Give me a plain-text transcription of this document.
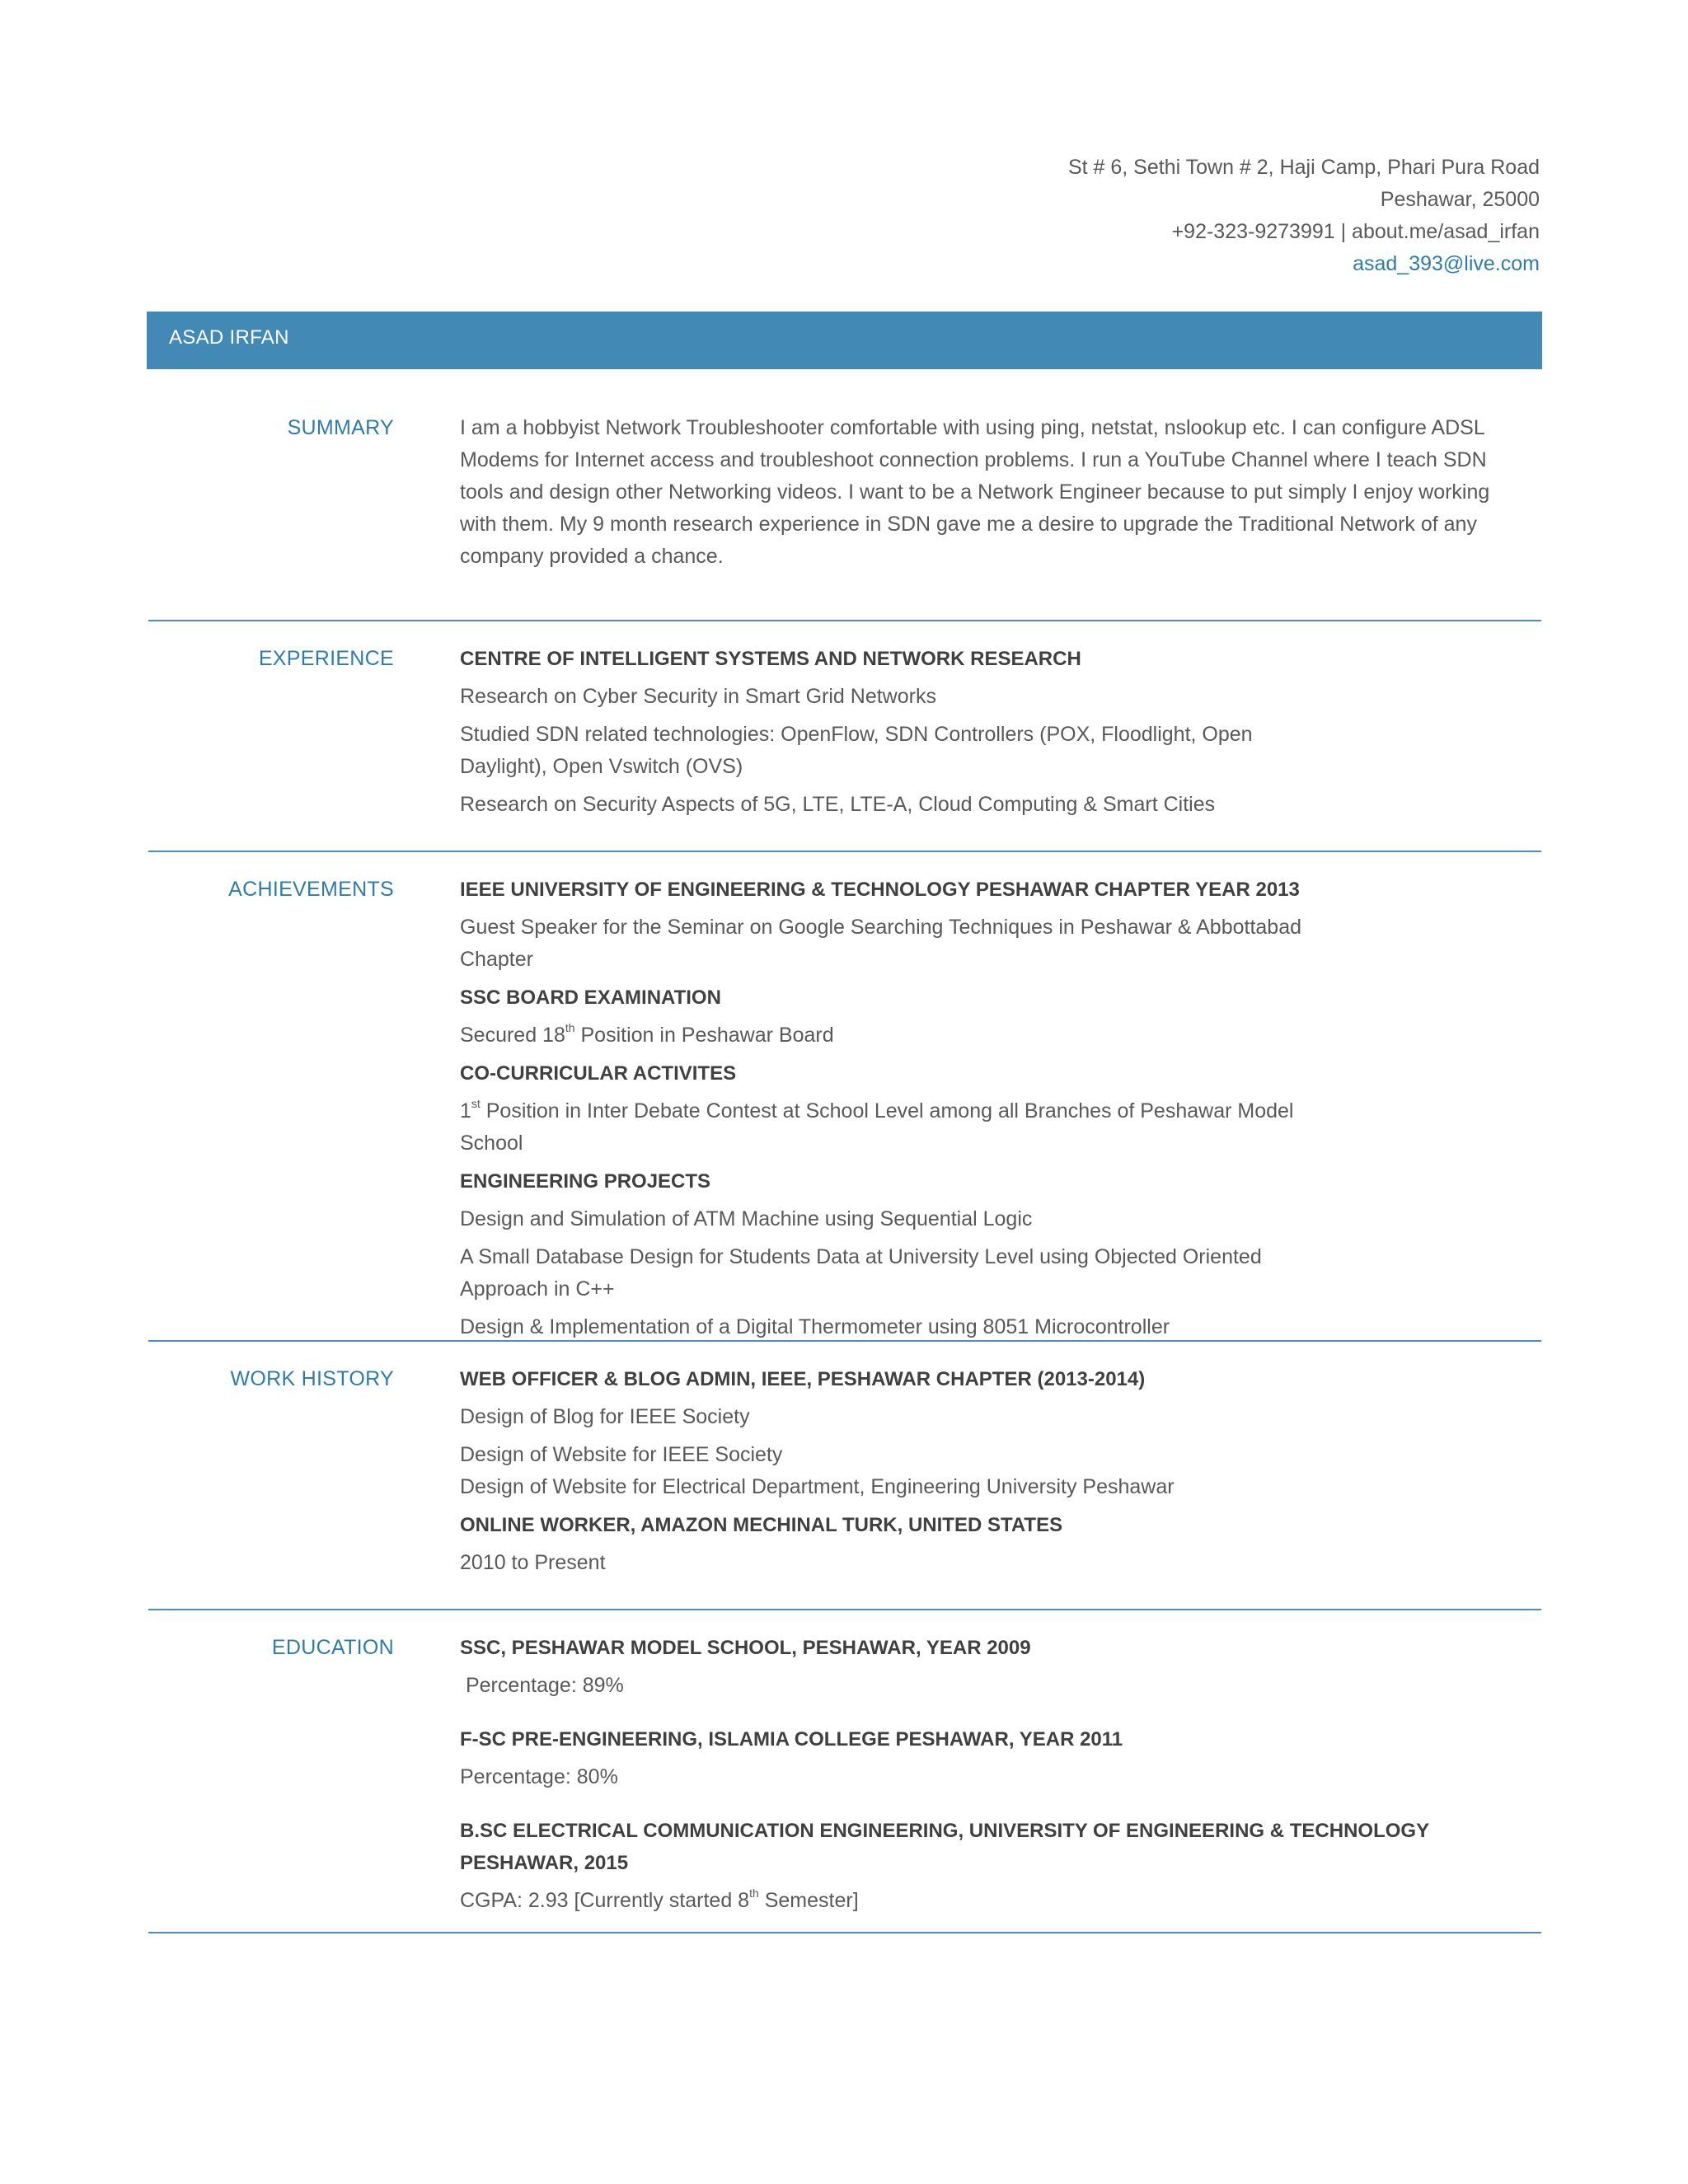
St # 6, Sethi Town # 2, Haji Camp, Phari Pura Road
Peshawar, 25000
+92-323-9273991 | about.me/asad_irfan
asad_393@live.com
ASAD IRFAN
SUMMARY	I am a hobbyist Network Troubleshooter comfortable with using ping, netstat, nslookup etc. I can configure ADSL Modems for Internet access and troubleshoot connection problems. I run a YouTube Channel where I teach SDN tools and design other Networking videos. I want to be a Network Engineer because to put simply I enjoy working with them. My 9 month research experience in SDN gave me a desire to upgrade the Traditional Network of any company provided a chance.

EXPERIENCE	CENTRE OF INTELLIGENT SYSTEMS AND NETWORK RESEARCH
Research on Cyber Security in Smart Grid Networks
Studied SDN related technologies: OpenFlow, SDN Controllers (POX, Floodlight, Open Daylight), Open Vswitch (OVS)
Research on Security Aspects of 5G, LTE, LTE-A, Cloud Computing & Smart Cities
ACHIEVEMENTS	IEEE UNIVERSITY OF ENGINEERING & TECHNOLOGY PESHAWAR CHAPTER YEAR 2013
Guest Speaker for the Seminar on Google Searching Techniques in Peshawar & Abbottabad Chapter
SSC BOARD EXAMINATION
Secured 18th Position in Peshawar Board
CO-CURRICULAR ACTIVITES
1st Position in Inter Debate Contest at School Level among all Branches of Peshawar Model School
ENGINEERING PROJECTS
Design and Simulation of ATM Machine using Sequential Logic
A Small Database Design for Students Data at University Level using Objected Oriented Approach in C++
Design & Implementation of a Digital Thermometer using 8051 Microcontroller
WORK HISTORY	WEB OFFICER & BLOG ADMIN, IEEE, PESHAWAR CHAPTER (2013-2014)
Design of Blog for IEEE Society
Design of Website for IEEE Society
Design of Website for Electrical Department, Engineering University Peshawar
ONLINE WORKER, AMAZON MECHINAL TURK, UNITED STATES
2010 to Present
EDUCATION	SSC, PESHAWAR MODEL SCHOOL, PESHAWAR, YEAR 2009
Percentage: 89%
F-SC PRE-ENGINEERING, ISLAMIA COLLEGE PESHAWAR, YEAR 2011
Percentage: 80%
B.SC ELECTRICAL COMMUNICATION ENGINEERING, UNIVERSITY OF ENGINEERING & TECHNOLOGY PESHAWAR, 2015
CGPA: 2.93 [Currently started 8th Semester]
